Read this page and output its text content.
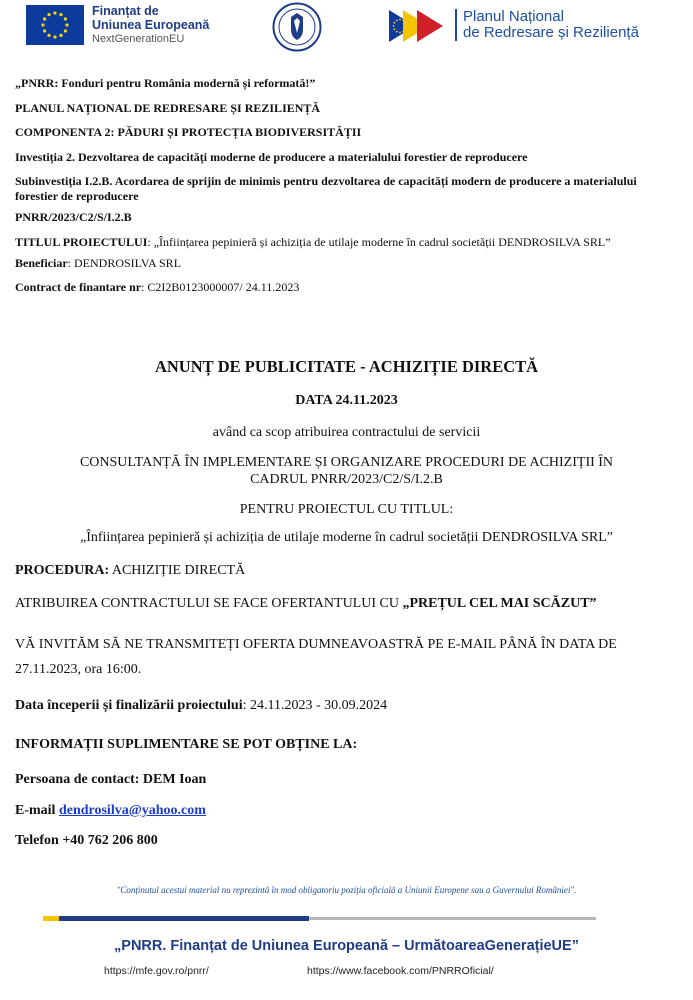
Finanțat de
Uniunea Europeană
NextGenerationEU
Planul Național
de Redresare și Reziliență

„PNRR: Fonduri pentru România modernă și reformată!”

PLANUL NAȚIONAL DE REDRESARE ȘI REZILIENȚĂ

COMPONENTA 2: PĂDURI ȘI PROTECȚIA BIODIVERSITĂȚII

Investiția 2. Dezvoltarea de capacități moderne de producere a materialului forestier de reproducere

Subinvestiția I.2.B. Acordarea de sprijin de minimis pentru dezvoltarea de capacități modern de producere a materialului forestier de reproducere

PNRR/2023/C2/S/I.2.B

TITLUL PROIECTULUI: „Înființarea pepinieră și achiziția de utilaje moderne în cadrul societății DENDROSILVA SRL”

Beneficiar: DENDROSILVA SRL

Contract de finantare nr: C2I2B0123000007/ 24.11.2023

ANUNȚ DE PUBLICITATE - ACHIZIȚIE DIRECTĂ
DATA 24.11.2023
având ca scop atribuirea contractului de servicii
CONSULTANȚĂ ÎN IMPLEMENTARE ȘI ORGANIZARE PROCEDURI DE ACHIZIȚII ÎN
CADRUL PNRR/2023/C2/S/I.2.B
PENTRU PROIECTUL CU TITLUL:
„Înființarea pepinieră și achiziția de utilaje moderne în cadrul societății DENDROSILVA SRL”
PROCEDURA: ACHIZIȚIE DIRECTĂ
ATRIBUIREA CONTRACTULUI SE FACE OFERTANTULUI CU „PREȚUL CEL MAI SCĂZUT”
VĂ INVITĂM SĂ NE TRANSMITEȚI OFERTA DUMNEAVOASTRĂ PE E-MAIL PÂNĂ ÎN DATA DE 27.11.2023, ora 16:00.
Data începerii și finalizării proiectului: 24.11.2023 - 30.09.2024
INFORMAȚII SUPLIMENTARE SE POT OBȚINE LA:
Persoana de contact: DEM Ioan
E-mail dendrosilva@yahoo.com
Telefon +40 762 206 800
"Conținutul acestui material nu reprezintă în mod obligatoriu poziția oficială a Uniunii Europene sau a Guvernului României".
„PNRR. Finanțat de Uniunea Europeană – UrmătoareaGenerațieUE”
https://mfe.gov.ro/pnrr/	https://www.facebook.com/PNRROficial/
